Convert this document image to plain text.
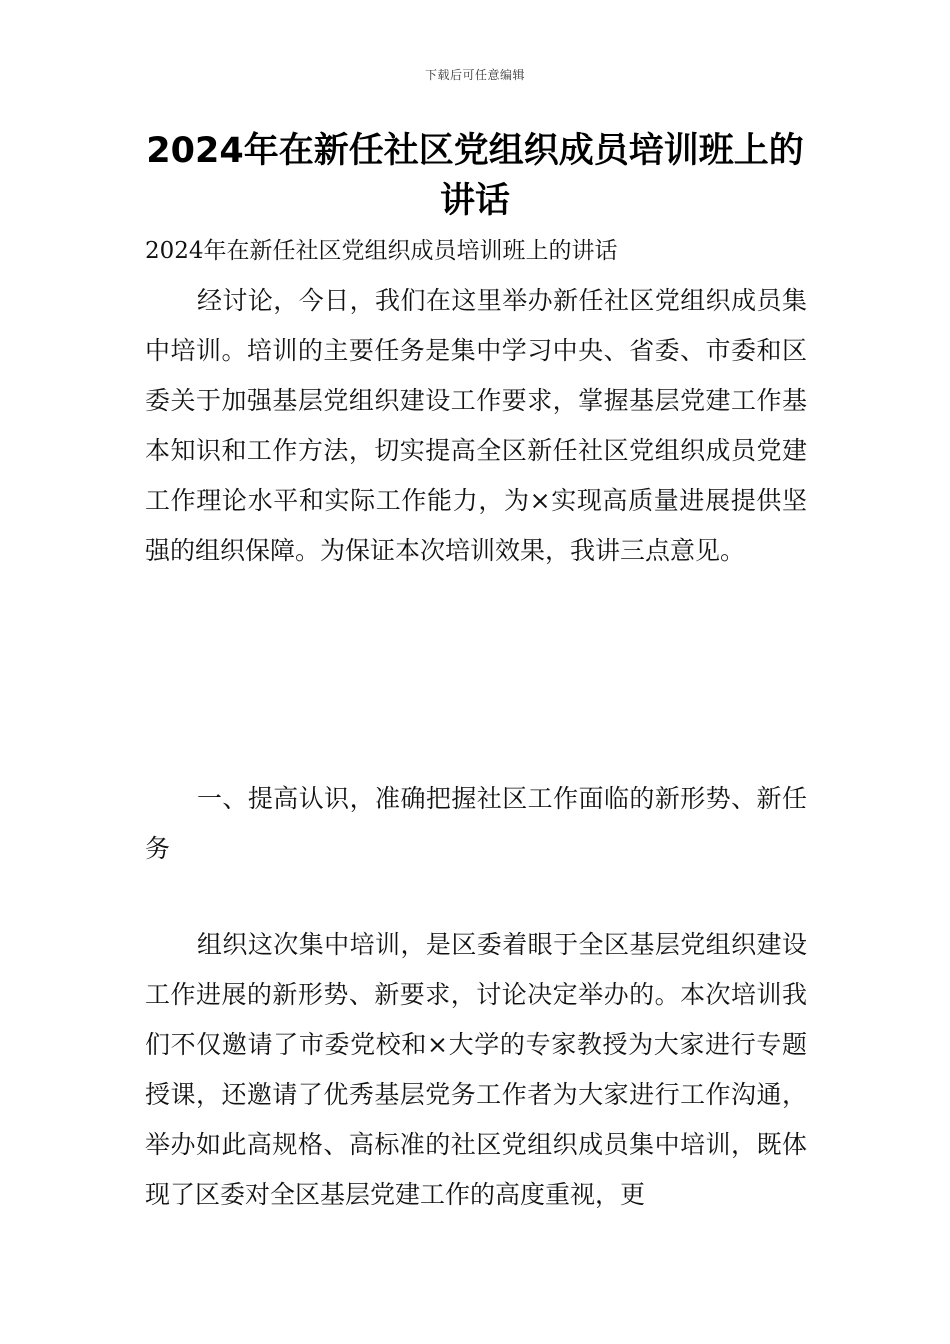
下载后可任意编辑
2024年在新任社区党组织成员培训班上的讲话
2024年在新任社区党组织成员培训班上的讲话
经讨论，今日，我们在这里举办新任社区党组织成员集中培训。培训的主要任务是集中学习中央、省委、市委和区委关于加强基层党组织建设工作要求，掌握基层党建工作基本知识和工作方法，切实提高全区新任社区党组织成员党建工作理论水平和实际工作能力，为×实现高质量进展提供坚强的组织保障。为保证本次培训效果，我讲三点意见。
一、提高认识，准确把握社区工作面临的新形势、新任务
组织这次集中培训，是区委着眼于全区基层党组织建设工作进展的新形势、新要求，讨论决定举办的。本次培训我们不仅邀请了市委党校和×大学的专家教授为大家进行专题授课，还邀请了优秀基层党务工作者为大家进行工作沟通，举办如此高规格、高标准的社区党组织成员集中培训，既体现了区委对全区基层党建工作的高度重视，更
